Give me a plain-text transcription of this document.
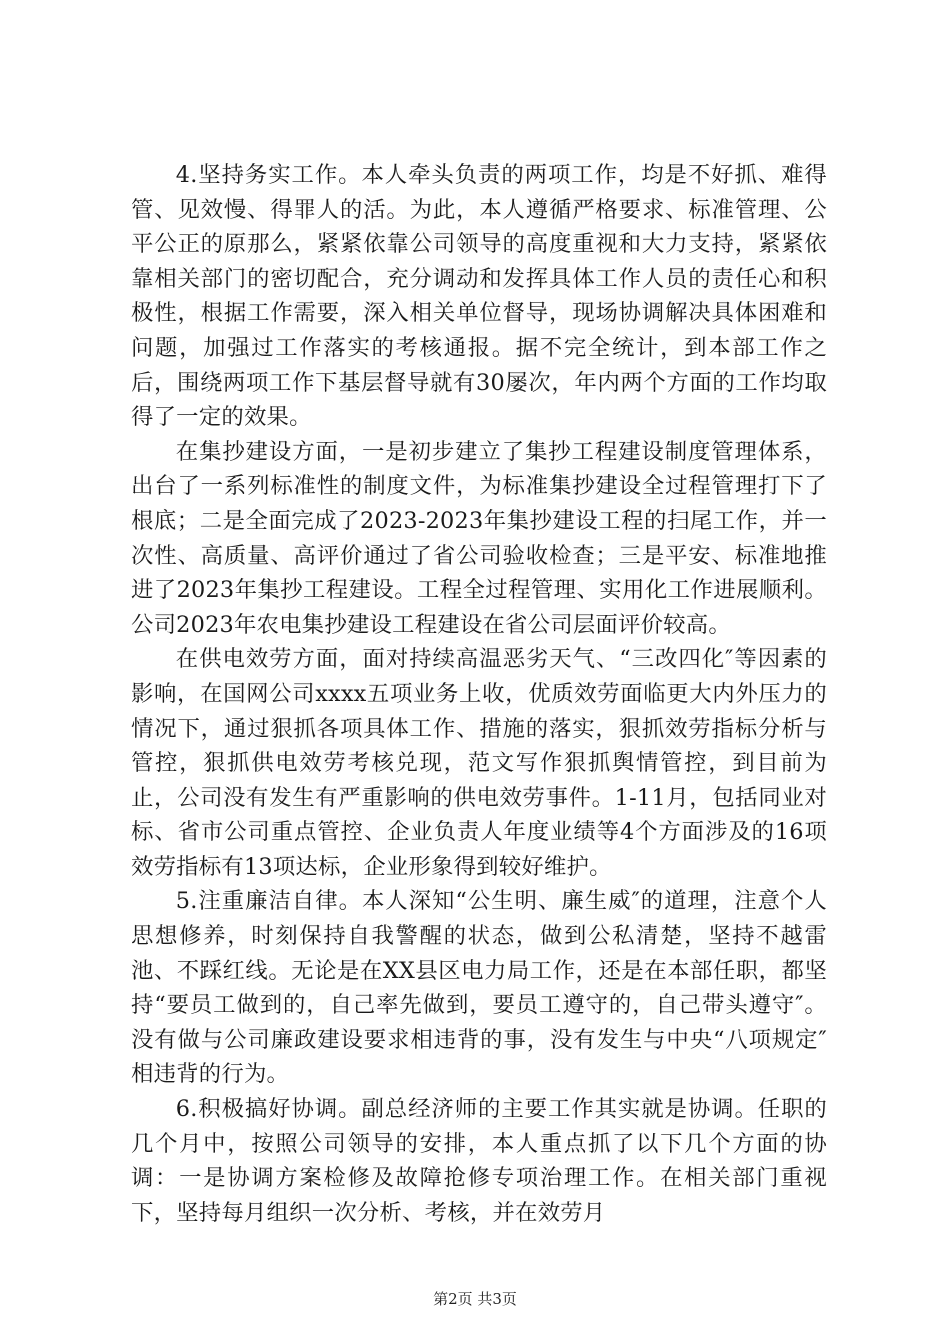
4.坚持务实工作。本人牵头负责的两项工作，均是不好抓、难得管、见效慢、得罪人的活。为此，本人遵循严格要求、标准管理、公平公正的原那么，紧紧依靠公司领导的高度重视和大力支持，紧紧依靠相关部门的密切配合，充分调动和发挥具体工作人员的责任心和积极性，根据工作需要，深入相关单位督导，现场协调解决具体困难和问题，加强过工作落实的考核通报。据不完全统计，到本部工作之后，围绕两项工作下基层督导就有30屡次，年内两个方面的工作均取得了一定的效果。

在集抄建设方面，一是初步建立了集抄工程建设制度管理体系，出台了一系列标准性的制度文件，为标准集抄建设全过程管理打下了根底；二是全面完成了2023-2023年集抄建设工程的扫尾工作，并一次性、高质量、高评价通过了省公司验收检查；三是平安、标准地推进了2023年集抄工程建设。工程全过程管理、实用化工作进展顺利。公司2023年农电集抄建设工程建设在省公司层面评价较高。

在供电效劳方面，面对持续高温恶劣天气、“三改四化″等因素的影响，在国网公司xxxx五项业务上收，优质效劳面临更大内外压力的情况下，通过狠抓各项具体工作、措施的落实，狠抓效劳指标分析与管控，狠抓供电效劳考核兑现，范文写作狠抓舆情管控，到目前为止，公司没有发生有严重影响的供电效劳事件。1-11月，包括同业对标、省市公司重点管控、企业负责人年度业绩等4个方面涉及的16项效劳指标有13项达标，企业形象得到较好维护。

5.注重廉洁自律。本人深知“公生明、廉生威″的道理，注意个人思想修养，时刻保持自我警醒的状态，做到公私清楚，坚持不越雷池、不踩红线。无论是在XX县区电力局工作，还是在本部任职，都坚持“要员工做到的，自己率先做到，要员工遵守的，自己带头遵守″。没有做与公司廉政建设要求相违背的事，没有发生与中央“八项规定″相违背的行为。

6.积极搞好协调。副总经济师的主要工作其实就是协调。任职的几个月中，按照公司领导的安排，本人重点抓了以下几个方面的协调：一是协调方案检修及故障抢修专项治理工作。在相关部门重视下，坚持每月组织一次分析、考核，并在效劳月

第2页 共3页
